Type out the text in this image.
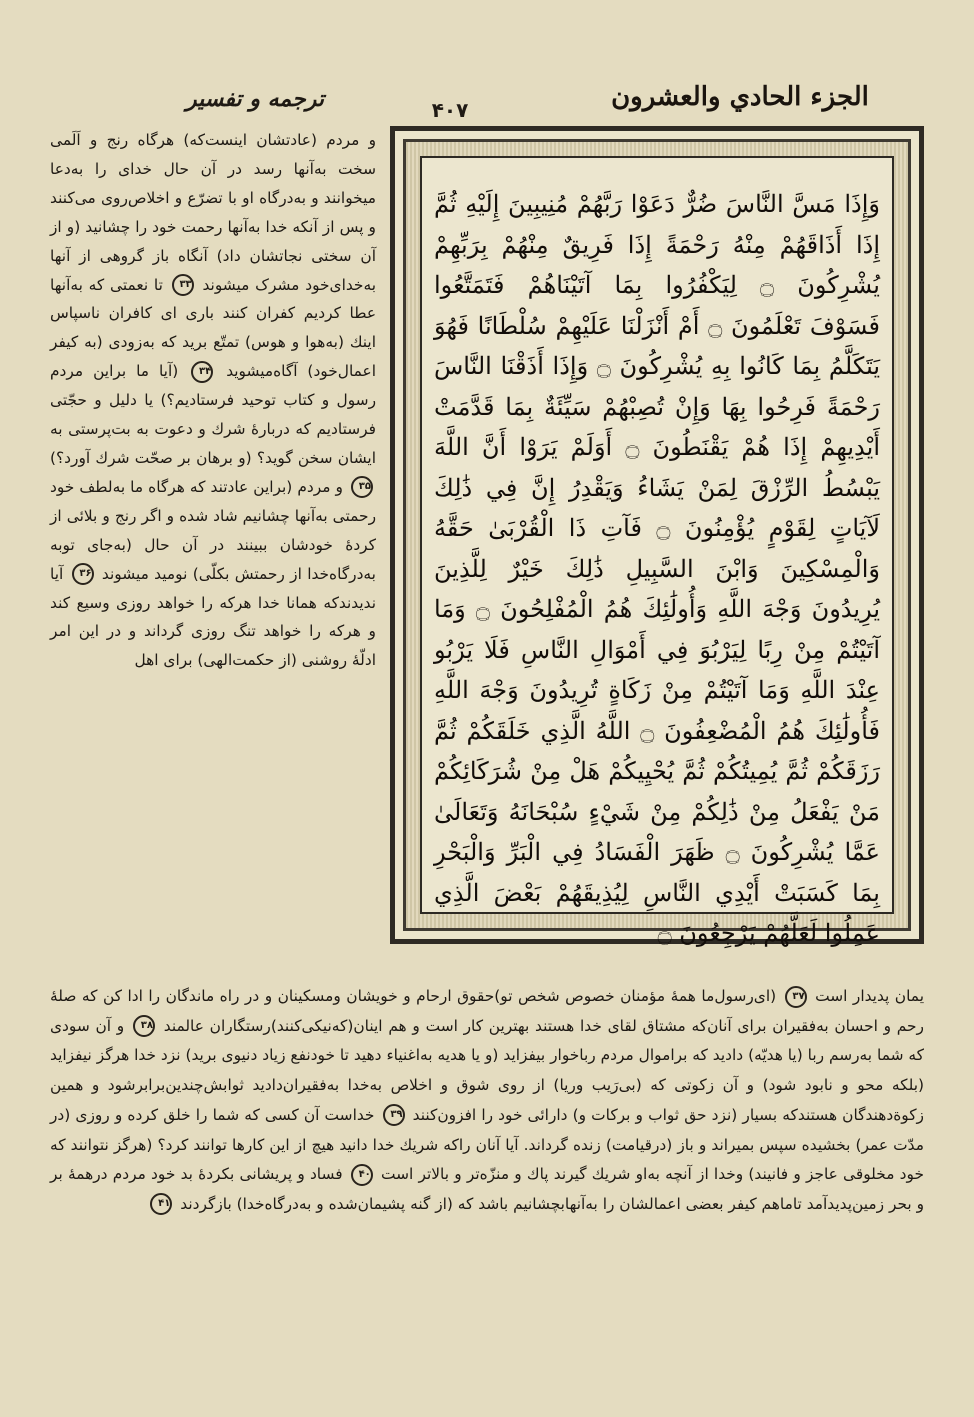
الجزء الحادي والعشرون
۴۰۷
ترجمه و تفسیر
وَإِذَا مَسَّ النَّاسَ ضُرٌّ دَعَوْا رَبَّهُمْ مُنِيبِينَ إِلَيْهِ ثُمَّ إِذَا أَذَاقَهُمْ مِنْهُ رَحْمَةً إِذَا فَرِيقٌ مِنْهُمْ بِرَبِّهِمْ يُشْرِكُونَ ۝ لِيَكْفُرُوا بِمَا آتَيْنَاهُمْ فَتَمَتَّعُوا فَسَوْفَ تَعْلَمُونَ ۝ أَمْ أَنْزَلْنَا عَلَيْهِمْ سُلْطَانًا فَهُوَ يَتَكَلَّمُ بِمَا كَانُوا بِهِ يُشْرِكُونَ ۝ وَإِذَا أَذَقْنَا النَّاسَ رَحْمَةً فَرِحُوا بِهَا وَإِنْ تُصِبْهُمْ سَيِّئَةٌ بِمَا قَدَّمَتْ أَيْدِيهِمْ إِذَا هُمْ يَقْنَطُونَ ۝ أَوَلَمْ يَرَوْا أَنَّ اللَّهَ يَبْسُطُ الرِّزْقَ لِمَنْ يَشَاءُ وَيَقْدِرُ إِنَّ فِي ذَٰلِكَ لَآيَاتٍ لِقَوْمٍ يُؤْمِنُونَ ۝ فَآتِ ذَا الْقُرْبَىٰ حَقَّهُ وَالْمِسْكِينَ وَابْنَ السَّبِيلِ ذَٰلِكَ خَيْرٌ لِلَّذِينَ يُرِيدُونَ وَجْهَ اللَّهِ وَأُولَٰئِكَ هُمُ الْمُفْلِحُونَ ۝ وَمَا آتَيْتُمْ مِنْ رِبًا لِيَرْبُوَ فِي أَمْوَالِ النَّاسِ فَلَا يَرْبُو عِنْدَ اللَّهِ وَمَا آتَيْتُمْ مِنْ زَكَاةٍ تُرِيدُونَ وَجْهَ اللَّهِ فَأُولَٰئِكَ هُمُ الْمُضْعِفُونَ ۝ اللَّهُ الَّذِي خَلَقَكُمْ ثُمَّ رَزَقَكُمْ ثُمَّ يُمِيتُكُمْ ثُمَّ يُحْيِيكُمْ هَلْ مِنْ شُرَكَائِكُمْ مَنْ يَفْعَلُ مِنْ ذَٰلِكُمْ مِنْ شَيْءٍ سُبْحَانَهُ وَتَعَالَىٰ عَمَّا يُشْرِكُونَ ۝ ظَهَرَ الْفَسَادُ فِي الْبَرِّ وَالْبَحْرِ بِمَا كَسَبَتْ أَيْدِي النَّاسِ لِيُذِيقَهُمْ بَعْضَ الَّذِي عَمِلُوا لَعَلَّهُمْ يَرْجِعُونَ ۝
و مردم (عادتشان اینست‌که) هرگاه رنج و اَلَمی سخت به‌آنها رسد در آن حال خدای را به‌دعا میخوانند و به‌درگاه او با تضرّع و اخلاص‌روی می‌کنند و پس از آنکه خدا به‌آنها رحمت خود را چشانید (و از آن سختی نجاتشان داد) آنگاه باز گروهی از آنها به‌خدای‌خود مشرک میشوند ۳۳ تا نعمتی که به‌آنها عطا کردیم کفران کنند باری ای کافران ناسپاس اینك (به‌هوا و هوس) تمتّع برید که به‌زودی (به کیفر اعمال‌خود) آگاه‌میشوید ۳۴ (آیا ما براین مردم رسول و کتاب توحید فرستادیم؟) یا دلیل و حجّتی فرستادیم که دربارهٔ شرك و دعوت به بت‌پرستی به ایشان سخن گوید؟ (و برهان بر صحّت شرك آورد؟) ۳۵ و مردم (براین عادتند که هرگاه ما به‌لطف خود رحمتی به‌آنها چشانیم شاد شده و اگر رنج و بلائی از کردهٔ خودشان ببینند در آن حال (به‌جای توبه به‌درگاه‌خدا از رحمتش بکلّی) نومید میشوند ۳۶ آیا ندیدندکه همانا خدا هرکه را خواهد روزی وسیع کند و هرکه را خواهد تنگ روزی گرداند و در این امر ادلّهٔ روشنی (از حکمت‌الهی) برای اهل
یمان پدیدار است ۳۷ (ای‌رسول‌ما همهٔ مؤمنان خصوص شخص تو)حقوق ارحام و خویشان ومسکینان و در راه ماندگان را ادا کن که صلهٔ رحم و احسان به‌فقیران برای آنان‌که مشتاق لقای خدا هستند بهترین کار است و هم اینان(که‌نیکی‌کنند)رستگاران عالمند ۳۸ و آن سودی که شما به‌رسم ربا (یا هدیّه) دادید که براموال مردم رباخوار بیفزاید (و یا هدیه به‌اغنیاء دهید تا خودنفع زیاد دنیوی برید) نزد خدا هرگز نیفزاید (بلکه محو و نابود شود) و آن زکوتی که (بی‌رَیب وریا) از روی شوق و اخلاص به‌خدا به‌فقیران‌دادید ثوابش‌چندین‌برابرشود و همین زکوة‌دهندگان هستندکه بسیار (نزد حق ثواب و برکات و) دارائی خود را افزون‌کنند ۳۹ خداست آن کسی که شما را خلق کرده و روزی (در مدّت عمر) بخشیده سپس بمیراند و باز (درقیامت) زنده گرداند. آیا آنان راکه شریك خدا دانید هیچ از این کارها توانند کرد؟ (هرگز نتوانند که خود مخلوقی عاجز و فانیند) وخدا از آنچه به‌او شریك گیرند پاك و منزّه‌تر و بالاتر است ۴۰ فساد و پریشانی بکردهٔ بد خود مردم درهمهٔ بر و بحر زمین‌پدیدآمد تاماهم کیفر بعضی اعمالشان را به‌آنهابچشانیم باشد که (از گنه پشیمان‌شده و به‌درگاه‌خدا) بازگردند ۴۱
